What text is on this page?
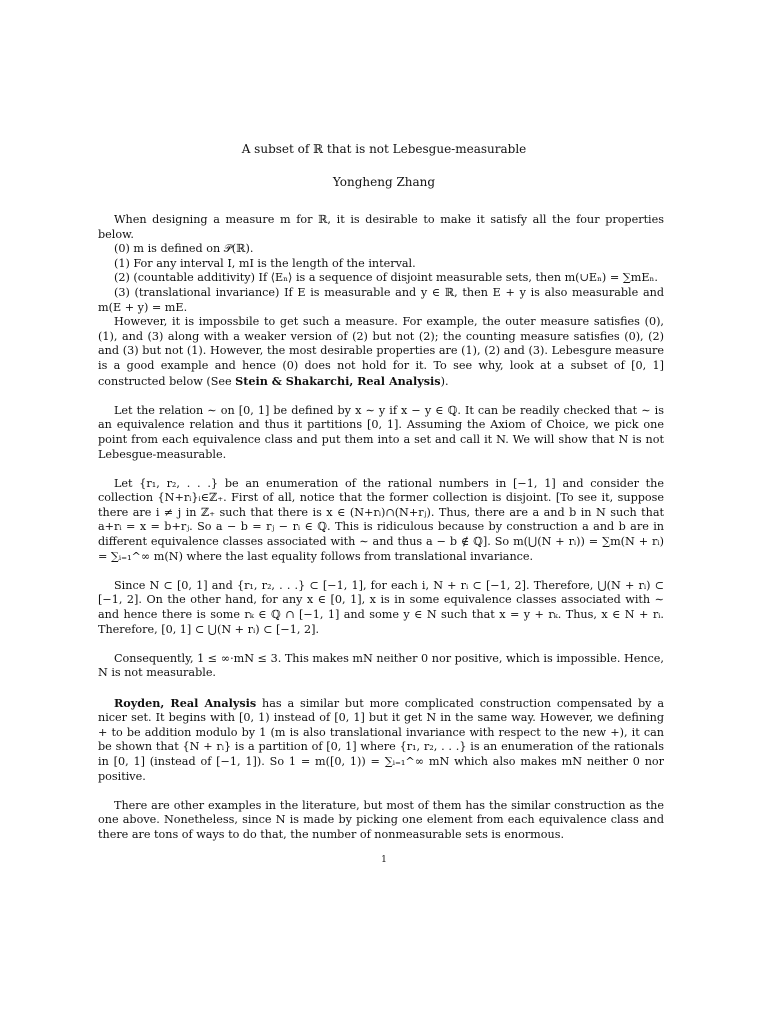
A subset of ℝ that is not Lebesgue-measurable
Yongheng Zhang

When designing a measure m for ℝ, it is desirable to make it satisfy all the four properties below.

(0) m is defined on 𝒫(ℝ).

(1) For any interval I, mI is the length of the interval.

(2) (countable additivity) If ⟨Eₙ⟩ is a sequence of disjoint measurable sets, then m(∪Eₙ) = ∑mEₙ.

(3) (translational invariance) If E is measurable and y ∈ ℝ, then E + y is also measurable and m(E + y) = mE.

However, it is impossbile to get such a measure. For example, the outer measure satisfies (0), (1), and (3) along with a weaker version of (2) but not (2); the counting measure satisfies (0), (2) and (3) but not (1). However, the most desirable properties are (1), (2) and (3). Lebesgure measure is a good example and hence (0) does not hold for it. To see why, look at a subset of [0, 1] constructed below (See Stein & Shakarchi, Real Analysis).

Let the relation ∼ on [0, 1] be defined by x ∼ y if x − y ∈ ℚ. It can be readily checked that ∼ is an equivalence relation and thus it partitions [0, 1]. Assuming the Axiom of Choice, we pick one point from each equivalence class and put them into a set and call it N. We will show that N is not Lebesgue-measurable.

Let {r₁, r₂, . . .} be an enumeration of the rational numbers in [−1, 1] and consider the collection {N+rᵢ}ᵢ∈ℤ₊. First of all, notice that the former collection is disjoint. [To see it, suppose there are i ≠ j in ℤ₊ such that there is x ∈ (N+rᵢ)∩(N+rⱼ). Thus, there are a and b in N such that a+rᵢ = x = b+rⱼ. So a − b = rⱼ − rᵢ ∈ ℚ. This is ridiculous because by construction a and b are in different equivalence classes associated with ∼ and thus a − b ∉ ℚ]. So m(⋃(N + rᵢ)) = ∑m(N + rᵢ) = ∑ᵢ₌₁^∞ m(N) where the last equality follows from translational invariance.

Since N ⊂ [0, 1] and {r₁, r₂, . . .} ⊂ [−1, 1], for each i, N + rᵢ ⊂ [−1, 2]. Therefore, ⋃(N + rᵢ) ⊂ [−1, 2]. On the other hand, for any x ∈ [0, 1], x is in some equivalence classes associated with ∼ and hence there is some rₖ ∈ ℚ ∩ [−1, 1] and some y ∈ N such that x = y + rₖ. Thus, x ∈ N + rᵢ. Therefore, [0, 1] ⊂ ⋃(N + rᵢ) ⊂ [−1, 2].

Consequently, 1 ≤ ∞·mN ≤ 3. This makes mN neither 0 nor positive, which is impossible. Hence, N is not measurable.

Royden, Real Analysis has a similar but more complicated construction compensated by a nicer set. It begins with [0, 1) instead of [0, 1] but it get N in the same way. However, we defining + to be addition modulo by 1 (m is also translational invariance with respect to the new +), it can be shown that {N + rᵢ} is a partition of [0, 1] where {r₁, r₂, . . .} is an enumeration of the rationals in [0, 1] (instead of [−1, 1]). So 1 = m([0, 1)) = ∑ᵢ₌₁^∞ mN which also makes mN neither 0 nor positive.

There are other examples in the literature, but most of them has the similar construction as the one above. Nonetheless, since N is made by picking one element from each equivalence class and there are tons of ways to do that, the number of nonmeasurable sets is enormous.

1
